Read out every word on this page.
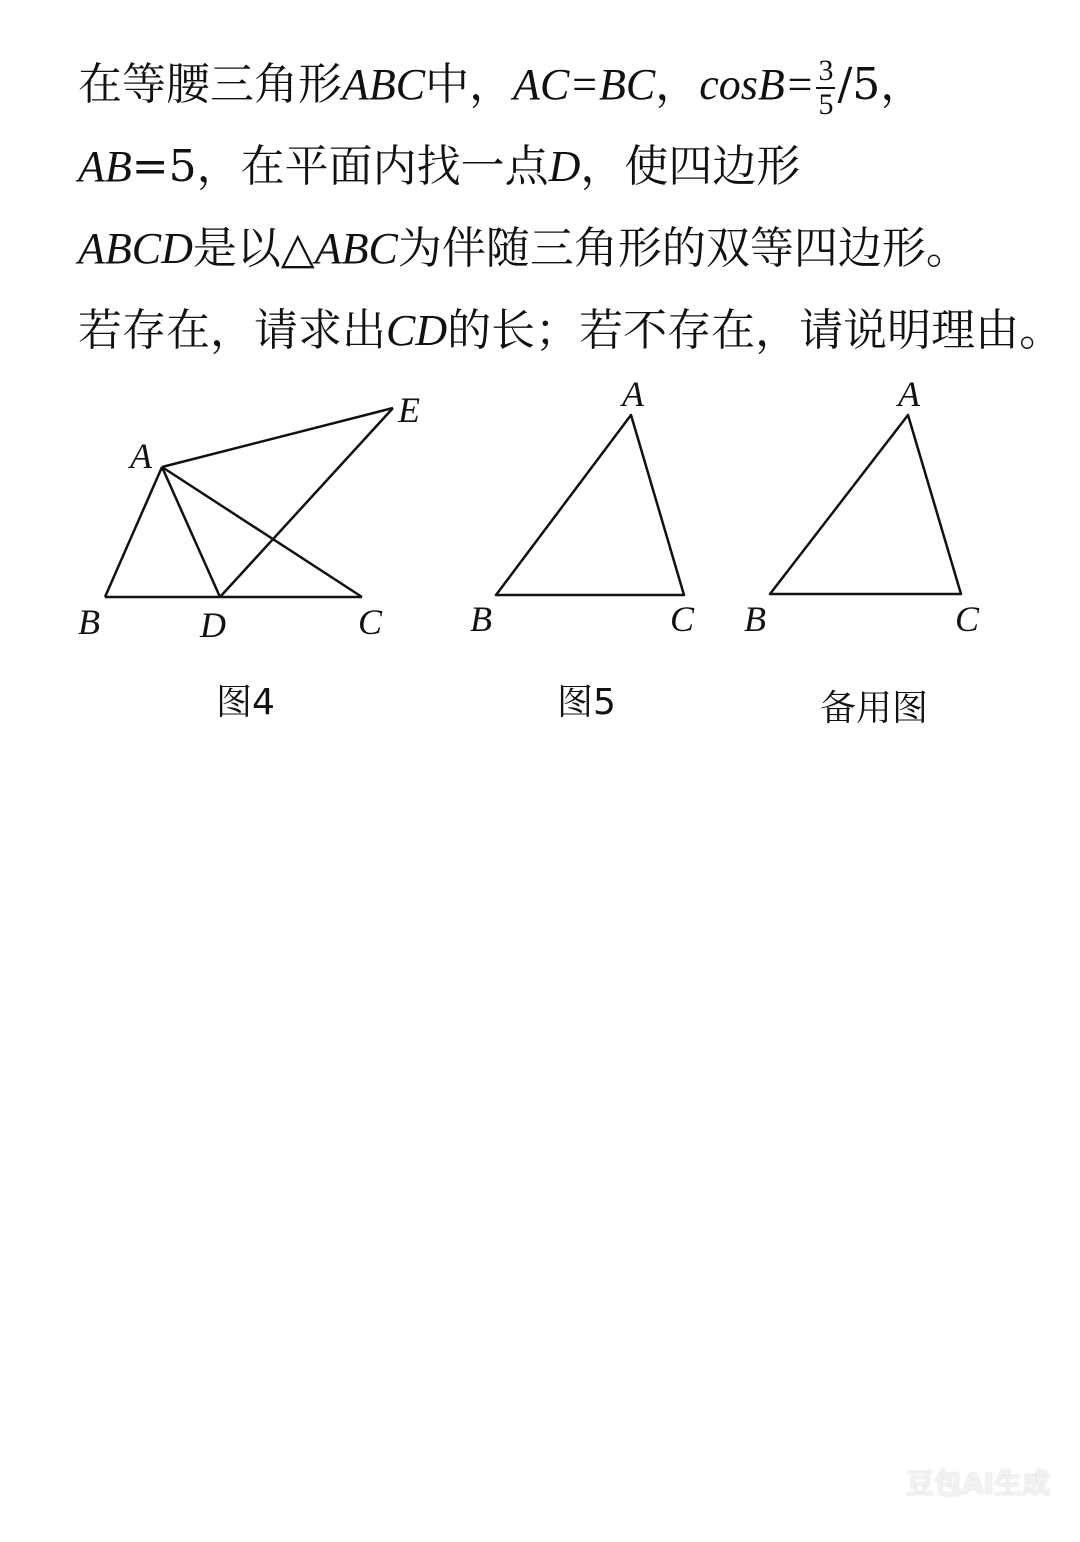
在等腰三角形ABC中，AC=BC，$\cos B= \frac{3}{5} /5$，
AB=5，在平面内找一点D，使四边形
ABCD是以△ABC为伴随三角形的双等四边形。
若存在，请求出CD的长；若不存在，请说明理由。
A
B	D	C
E	A
B	C
A
B	C
图4	图5	备用图
豆包AI生成
